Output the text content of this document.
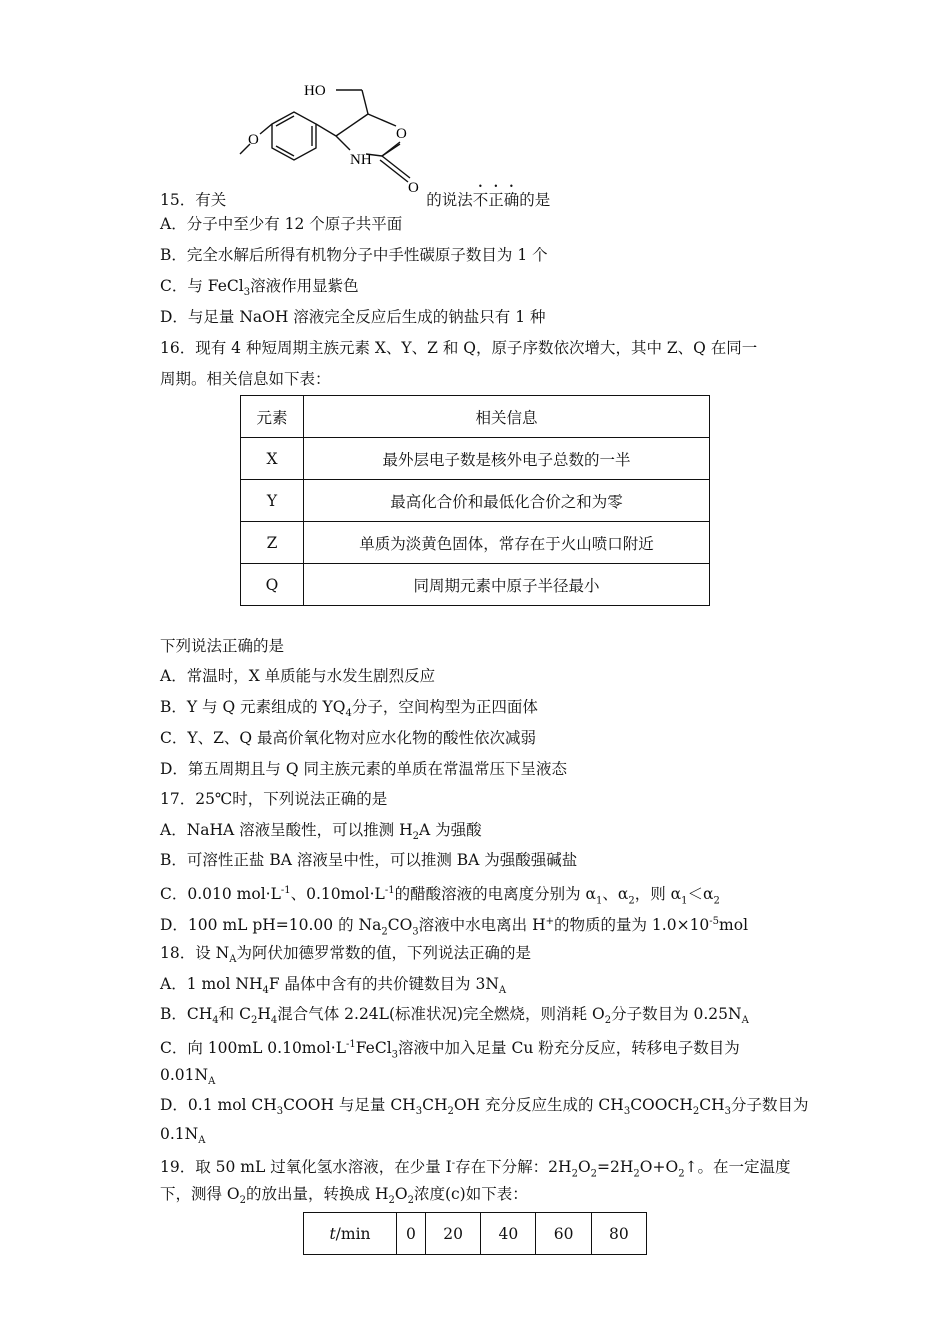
HO
O	O
NH
O
15．有关	的说法不正确的是
A．分子中至少有 12 个原子共平面
B．完全水解后所得有机物分子中手性碳原子数目为 1 个
C．与 FeCl$_3$溶液作用显紫色
D．与足量 NaOH 溶液完全反应后生成的钠盐只有 1 种
16．现有 4 种短周期主族元素 X、Y、Z 和 Q，原子序数依次增大，其中 Z、Q 在同一
周期。相关信息如下表：
元素	相关信息
X	最外层电子数是核外电子总数的一半
Y	最高化合价和最低化合价之和为零
Z	单质为淡黄色固体，常存在于火山喷口附近
Q	同周期元素中原子半径最小
下列说法正确的是
A．常温时，X 单质能与水发生剧烈反应
B．Y 与 Q 元素组成的 $YQ_4$分子，空间构型为正四面体
C．Y、Z、Q 最高价氧化物对应水化物的酸性依次减弱
D．第五周期且与 Q 同主族元素的单质在常温常压下呈液态
17．25℃时，下列说法正确的是
A．NaHA 溶液呈酸性，可以推测 $H_2A$ 为强酸
B．可溶性正盐 BA 溶液呈中性，可以推测 BA 为强酸强碱盐
C．0.010 $mol\cdot L^{-1}$、$0.10mol\cdot L^{-1}$的醋酸溶液的电离度分别为 $\alpha_1$、$\alpha_2$，则 $\alpha_1<\alpha_2$
D．100 mL pH=10.00 的 $Na_2CO_3$溶液中水电离出 H+的物质的量为 $1.0\times 10^{-5}mol$
18．设 $N_A$为阿伏加德罗常数的值，下列说法正确的是
A．1 mol $NH_4F$ 晶体中含有的共价键数目为 $3N_A$
B．$CH_4$和 $C_2H_4$混合气体 2.24L(标准状况)完全燃烧，则消耗 $O_2$分子数目为 $0.25N_A$
C．向 100mL $0.10mol\cdot L^{-1}FeCl_3$溶液中加入足量 Cu 粉充分反应，转移电子数目为
$0.01N_A$
D．0.1 mol $CH_3COOH$ 与足量 $CH_3CH_2OH$ 充分反应生成的 $CH_3COOCH_2CH_3$分子数目为
$0.1N_A$
19．取 50 mL 过氧化氢水溶液，在少量 I-存在下分解：$2H_2O_2=2H_2O+O_2↑$。在一定温度
下，测得 $O_2$的放出量，转换成 $H_2O_2$浓度(c)如下表：
t/min	0	20	40	60	80
